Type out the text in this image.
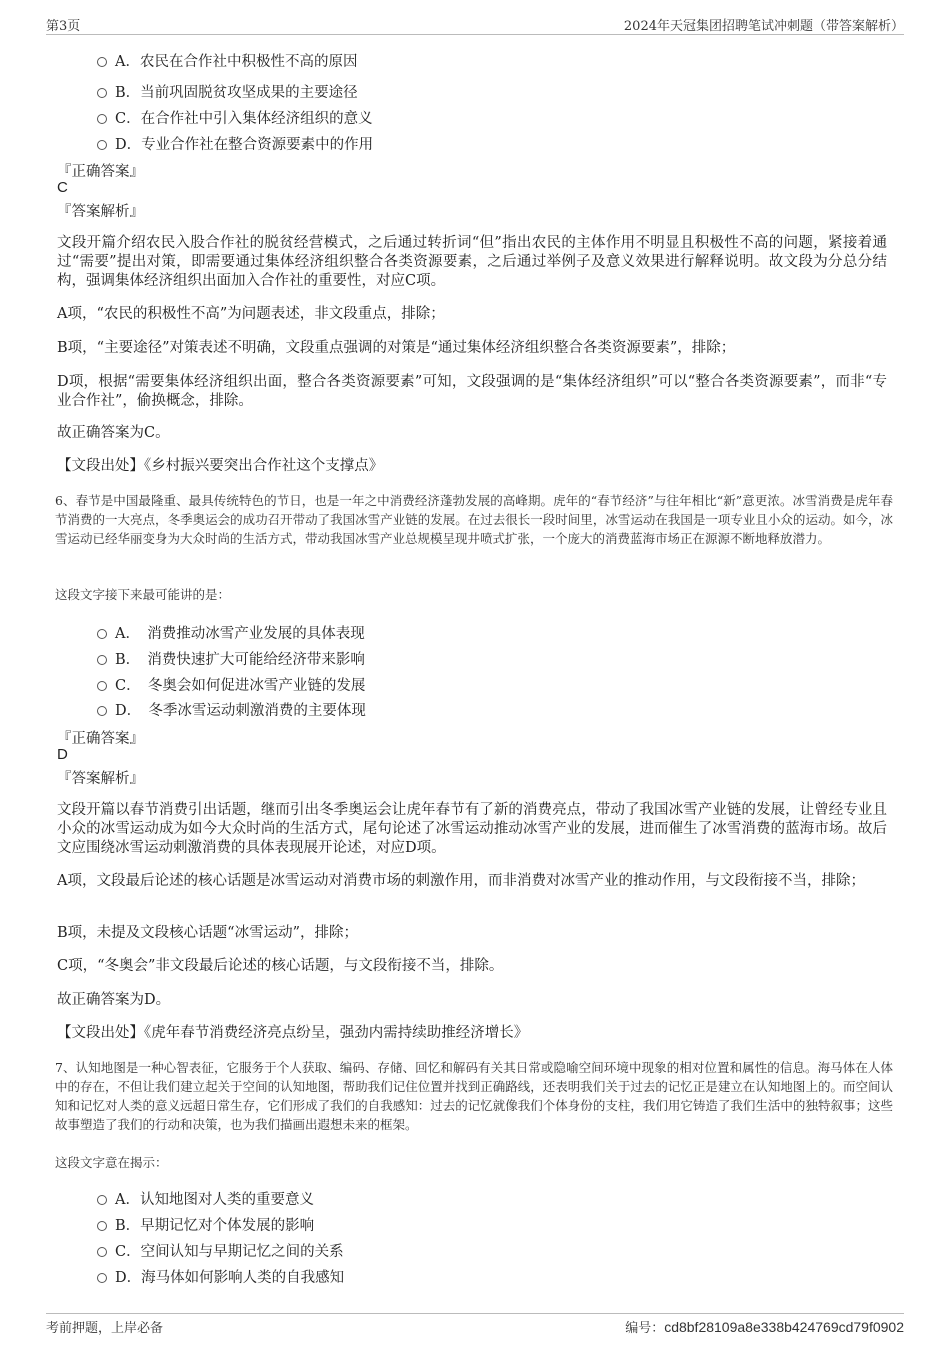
第3页	2024年天冠集团招聘笔试冲刺题（带答案解析）
A．农民在合作社中积极性不高的原因
B．当前巩固脱贫攻坚成果的主要途径
C．在合作社中引入集体经济组织的意义
D．专业合作社在整合资源要素中的作用
『正确答案』
C
『答案解析』
文段开篇介绍农民入股合作社的脱贫经营模式，之后通过转折词“但”指出农民的主体作用不明显且积极性不高的问题，紧接着通过“需要”提出对策，即需要通过集体经济组织整合各类资源要素，之后通过举例子及意义效果进行解释说明。故文段为分总分结构，强调集体经济组织出面加入合作社的重要性，对应C项。
A项，“农民的积极性不高”为问题表述，非文段重点，排除；
B项，“主要途径”对策表述不明确，文段重点强调的对策是“通过集体经济组织整合各类资源要素”，排除；
D项，根据“需要集体经济组织出面，整合各类资源要素”可知，文段强调的是“集体经济组织”可以“整合各类资源要素”，而非“专业合作社”，偷换概念，排除。
故正确答案为C。
【文段出处】《乡村振兴要突出合作社这个支撑点》
6、春节是中国最隆重、最具传统特色的节日，也是一年之中消费经济蓬勃发展的高峰期。虎年的“春节经济”与往年相比“新”意更浓。冰雪消费是虎年春节消费的一大亮点，冬季奥运会的成功召开带动了我国冰雪产业链的发展。在过去很长一段时间里，冰雪运动在我国是一项专业且小众的运动。如今，冰雪运动已经华丽变身为大众时尚的生活方式，带动我国冰雪产业总规模呈现井喷式扩张，一个庞大的消费蓝海市场正在源源不断地释放潜力。
这段文字接下来最可能讲的是：
A．　消费推动冰雪产业发展的具体表现
B．　消费快速扩大可能给经济带来影响
C．　冬奥会如何促进冰雪产业链的发展
D．　冬季冰雪运动刺激消费的主要体现
『正确答案』
D
『答案解析』
文段开篇以春节消费引出话题，继而引出冬季奥运会让虎年春节有了新的消费亮点，带动了我国冰雪产业链的发展，让曾经专业且小众的冰雪运动成为如今大众时尚的生活方式，尾句论述了冰雪运动推动冰雪产业的发展，进而催生了冰雪消费的蓝海市场。故后文应围绕冰雪运动刺激消费的具体表现展开论述，对应D项。
A项，文段最后论述的核心话题是冰雪运动对消费市场的刺激作用，而非消费对冰雪产业的推动作用，与文段衔接不当，排除；
B项，未提及文段核心话题“冰雪运动”，排除；
C项，“冬奥会”非文段最后论述的核心话题，与文段衔接不当，排除。
故正确答案为D。
【文段出处】《虎年春节消费经济亮点纷呈，强劲内需持续助推经济增长》
7、认知地图是一种心智表征，它服务于个人获取、编码、存储、回忆和解码有关其日常或隐喻空间环境中现象的相对位置和属性的信息。海马体在人体中的存在，不但让我们建立起关于空间的认知地图，帮助我们记住位置并找到正确路线，还表明我们关于过去的记忆正是建立在认知地图上的。而空间认知和记忆对人类的意义远超日常生存，它们形成了我们的自我感知：过去的记忆就像我们个体身份的支柱，我们用它铸造了我们生活中的独特叙事；这些故事塑造了我们的行动和决策，也为我们描画出遐想未来的框架。
这段文字意在揭示：
A．认知地图对人类的重要意义
B．早期记忆对个体发展的影响
C．空间认知与早期记忆之间的关系
D．海马体如何影响人类的自我感知
考前押题，上岸必备	编号：cd8bf28109a8e338b424769cd79f0902
